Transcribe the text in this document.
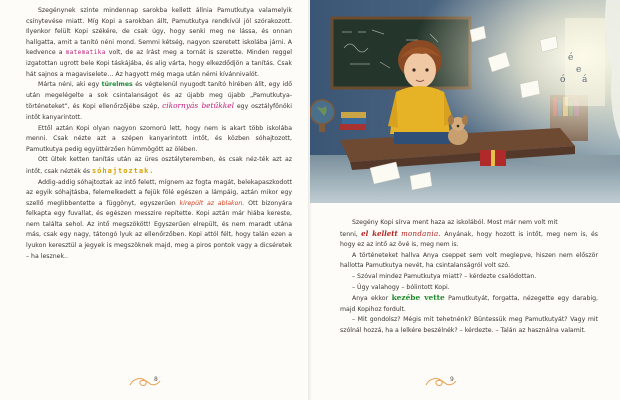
Szegénynek szinte mindennap sarokba kellett állnia Pamutkutya valamelyik csínytevése miatt. Míg Kopi a sarokban állt, Pamutkutya rendkívül jól szórakozott. Ilyenkor felült Kopi székére, de csak úgy, hogy senki meg ne lássa, és onnan hallgatta, amit a tanító néni mond. Semmi kétség, nagyon szeretett iskolába járni. A kedvence a matematika volt, de az írást meg a tornát is szerette. Minden reggel izgatottan ugrott bele Kopi táskájába, és alig várta, hogy elkezdődjön a tanítás. Csak hát sajnos a magaviselete… Az hagyott még maga után némi kívánnivalót.

Márta néni, aki egy türelmes és végtelenül nyugodt tanító hírében állt, egy idő után megelégelte a sok csintalanságot és az újabb meg újabb „Pamutkutya-történeteket”, és Kopi ellenőrzőjébe szép, cikornyás betűkkel egy osztályfőnöki intőt kanyarintott.

Ettől aztán Kopi olyan nagyon szomorú lett, hogy nem is akart több iskolába menni. Csak nézte azt a szépen kanyarintott intőt, és közben sóhajtozott, Pamutkutya pedig együttérzően hümmögött az ölében.

Ott ültek ketten tanítás után az üres osztályteremben, és csak néz-ték azt az intőt, csak nézték és sóhajtoztak.

Addig-addig sóhajtoztak az intő felett, mígnem az fogta magát, belekapaszkodott az egyik sóhajtásba, felemelkedett a fejük fölé egészen a lámpáig, aztán mikor egy szellő meglibbentette a függönyt, egyszerűen kirepült az ablakon. Ott bizonyára felkapta egy fuvallat, és egészen messzire repítette. Kopi aztán már hiába kereste, nem találta sehol. Az intő megszökött! Egyszerűen elrepült, és nem maradt utána más, csak egy nagy, tátongó lyuk az ellenőrzőben. Kopi attól félt, hogy talán ezen a lyukon keresztül a jegyek is megszöknek majd, meg a piros pontok vagy a dicséretek – ha lesznek..

8
é
e
á
ó

Szegény Kopi sírva ment haza az iskolából. Most már nem volt mit

tenni, el kellett mondania. Anyának, hogy hozott is intőt, meg nem is, és hogy ez az intő az övé is, meg nem is.

A történeteket hallva Anya cseppet sem volt meglepve, hiszen nem először hallotta Pamutkutya nevét, ha csintalanságról volt szó.

– Szóval mindez Pamutkutya miatt? – kérdezte csalódottan.

– Úgy valahogy – bólintott Kopi.

Anya ekkor kezébe vette Pamutkutyát, forgatta, nézegette egy darabig, majd Kopihoz fordult.

– Mit gondolsz? Mégis mit tehetnénk? Büntessük meg Pamutkutyát? Vagy mit szólnál hozzá, ha a lelkére beszélnék? – kérdezte. – Talán az használna valamit.

9
